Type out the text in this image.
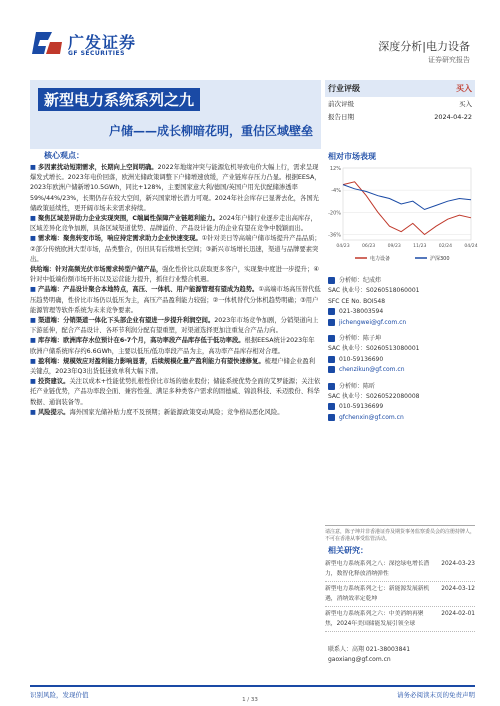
广发证券
GF SECURITIES
深度分析|电力设备
证券研究报告
新型电力系统系列之九
户储——成长柳暗花明，重估区域壁垒
行业评级	买入
前次评级	买入
报告日期	2024-04-22
核心观点：

■ 多因素扰动短期需求，长期向上空间明确。2022年地缘冲突与能源危机导致电价大幅上行，需求呈现爆发式增长。2023年电价回落，欧洲光储政策调整下户储增速放缓，产业链库存压力凸显。根据EESA，2023年欧洲户储新增10.5GWh，同比+128%，主要国家意大利/德国/英国户用光伏配储渗透率59%/44%/23%，长期仍存在较大空间，新兴国家增长潜力可观。2024年社会库存已显著去化，各国光储政策延续性，更开阔市场未来需求持续。

■ 聚焦区域差异助力企业实现突围，C端属性保障产业链超利能力。2024年户储行业逐步走出高库存，区域差异化竞争加剧，具备区域渠道优势、品牌溢价、产品设计能力的企业有望在竞争中脱颖而出。

■ 需求端：聚焦转变市场，响应持定需求助力企业快速变现。①针对美日等高端户储市场提升产品品质；②部分传统欧洲大型市场，品类整合，仍旧具有后续增长空间；③新兴市场增长迅速，渠道与品牌要素突出。

供给端：针对高频光伏市场需求转型户储产品，强化性价比以获取更多客户，实现集中度进一步提升；④针对中低端份额市场开拓以及运营能力提升，抓住行业整合机遇。

■ 产品端：产品设计聚合本地特点，高压、一体机、用户能源管理有望成为趋势。①高端市场高压替代低压趋势明确，性价比市场仍以低压为主，高压产品盈利能力较强；②一体机替代分体机趋势明确；③用户能源管理等软件系统为未来竞争要素。

■ 渠道端：分销渠道一体化下头部企业有望进一步提升利润空间。2023年市场竞争加剧，分销渠道向上下游延伸，配合产品设计、各环节利润分配有望重塑，对渠道选择更加注重复合产品力向。

■ 库存端：欧洲库存水位预计在6-7个月，高功率段产品库存低于低功率段。根据EESA统计2023年年欧洲户储系统库存约6.6GWh，主要以低压/低功率段产品为主，高功率产品库存相对合理。

■ 盈利端：规模效应对盈利能力影响显著，后续规模化量产盈利能力有望快速修复。梳理户储企业盈利关键点，2023年Q3出货低迷致单利大幅下滑。

■ 投资建议。关注以成本+性能优势扎根性价比市场的德业股份；储能系统优势全面的艾罗能源；关注依托产业链优势，产品功率段全面、兼容性强、满足多种类客户需求的固德威、锦浪科技、禾迈股份、科华数据、通润装备等。

■ 风险提示。海外国家光储补贴力度不及预期；新能源政策变动风险；竞争格局恶化风险。

相对市场表现
12%
-4%
-20%
-36%
04/23	06/23	09/23	11/23	02/24	04/24
电力设备	沪深300
分析师：纪成炜
SAC 执业号：S0260518060001
SFC CE No. BOI548
021-38003594
jichengwei@gf.com.cn
分析师：陈子坤
SAC 执业号：S0260513080001
010-59136690
chenzikun@gf.com.cn
分析师：陈昕
SAC 执业号：S0260522080008
010-59136699
gfchenxin@gf.com.cn
请注意，陈子坤并非香港证券及期货事务监察委员会的注册持牌人，不可在香港从事受监管活动。
相关研究：
新型电力系统系列之八：深挖绿电增长潜力，数智化释放消纳弹性
2024-03-23
新型电力系统系列之七：新能源发展新机遇，消纳效率定乾坤
2024-03-12
新型电力系统系列之六：中美消纳再聚焦，2024年美国储能发展引领全球
2024-02-01
联系人：高翔 021-38003841
gaoxiang@gf.com.cn
识别风险，发现价值	请务必阅读末页的免责声明
1 / 33
